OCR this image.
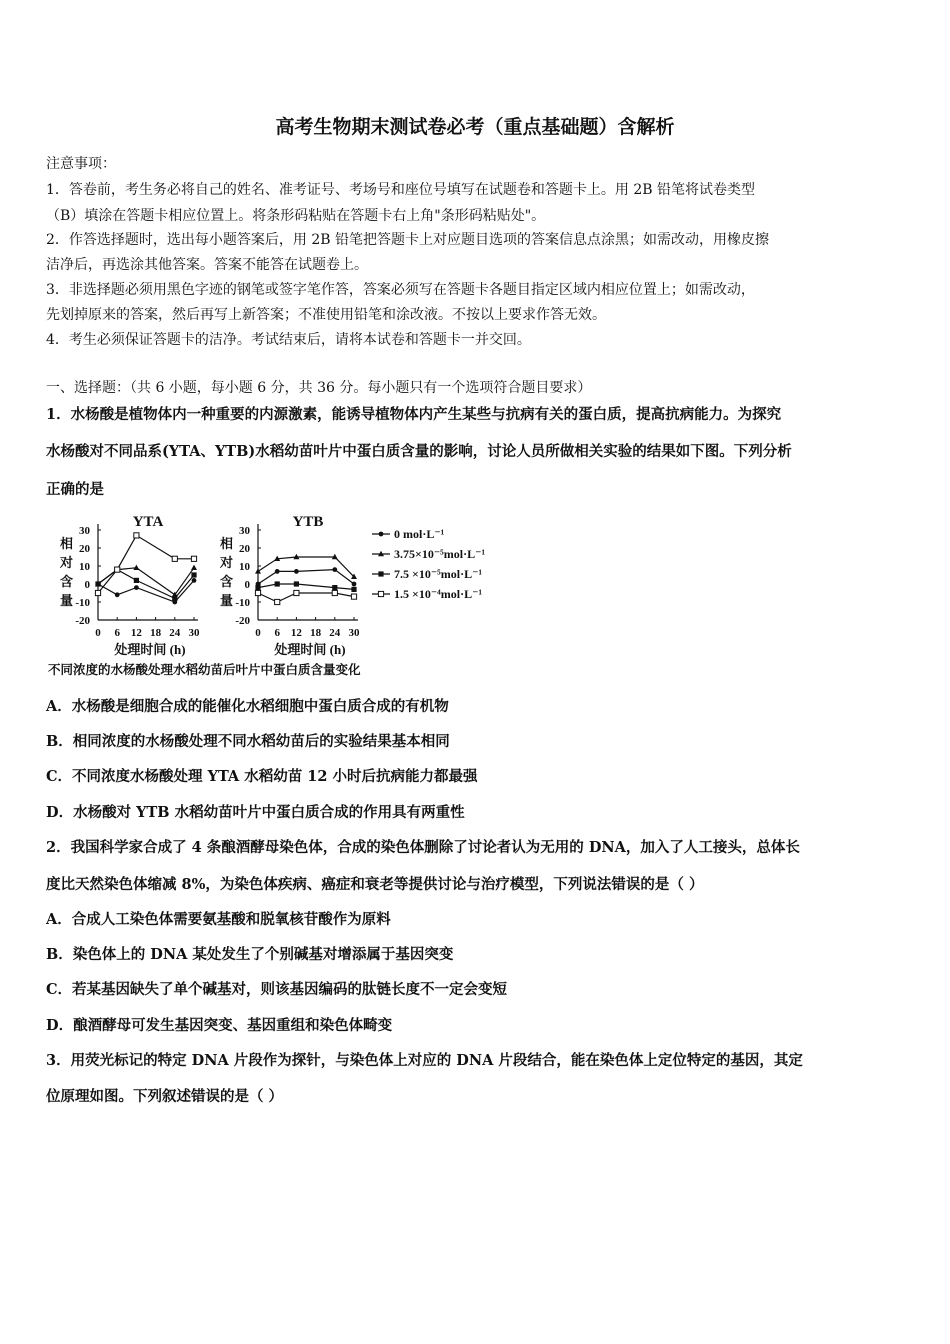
高考生物期末测试卷必考（重点基础题）含解析
注意事项：
1．答卷前，考生务必将自己的姓名、准考证号、考场号和座位号填写在试题卷和答题卡上。用 2B 铅笔将试卷类型
（B）填涂在答题卡相应位置上。将条形码粘贴在答题卡右上角"条形码粘贴处"。
2．作答选择题时，选出每小题答案后，用 2B 铅笔把答题卡上对应题目选项的答案信息点涂黑；如需改动，用橡皮擦
洁净后，再选涂其他答案。答案不能答在试题卷上。
3．非选择题必须用黑色字迹的钢笔或签字笔作答，答案必须写在答题卡各题目指定区域内相应位置上；如需改动，
先划掉原来的答案，然后再写上新答案；不准使用铅笔和涂改液。不按以上要求作答无效。
4．考生必须保证答题卡的洁净。考试结束后，请将本试卷和答题卡一并交回。
一、选择题：（共 6 小题，每小题 6 分，共 36 分。每小题只有一个选项符合题目要求）
1．水杨酸是植物体内一种重要的内源激素，能诱导植物体内产生某些与抗病有关的蛋白质，提高抗病能力。为探究
水杨酸对不同品系(YTA、YTB)水稻幼苗叶片中蛋白质含量的影响，讨论人员所做相关实验的结果如下图。下列分析
正确的是
YTA
相
对
含
量
30
20
10
0
-10
-20
0 6 12 18 24 30
处理时间 (h)
YTB
相
对
含
量
30
20
10
0
-10
-20
0 6 12 18 24 30
处理时间 (h)
0 mol·L⁻¹
3.75×10⁻⁵mol·L⁻¹
7.5 ×10⁻⁵mol·L⁻¹
1.5 ×10⁻⁴mol·L⁻¹
不同浓度的水杨酸处理水稻幼苗后叶片中蛋白质含量变化
A．水杨酸是细胞合成的能催化水稻细胞中蛋白质合成的有机物
B．相同浓度的水杨酸处理不同水稻幼苗后的实验结果基本相同
C．不同浓度水杨酸处理 YTA 水稻幼苗 12 小时后抗病能力都最强
D．水杨酸对 YTB 水稻幼苗叶片中蛋白质合成的作用具有两重性
2．我国科学家合成了 4 条酿酒酵母染色体，合成的染色体删除了讨论者认为无用的 DNA，加入了人工接头，总体长
度比天然染色体缩减 8%，为染色体疾病、癌症和衰老等提供讨论与治疗模型，下列说法错误的是（ ）
A．合成人工染色体需要氨基酸和脱氧核苷酸作为原料
B．染色体上的 DNA 某处发生了个别碱基对增添属于基因突变
C．若某基因缺失了单个碱基对，则该基因编码的肽链长度不一定会变短
D．酿酒酵母可发生基因突变、基因重组和染色体畸变
3．用荧光标记的特定 DNA 片段作为探针，与染色体上对应的 DNA 片段结合，能在染色体上定位特定的基因，其定
位原理如图。下列叙述错误的是（ ）
